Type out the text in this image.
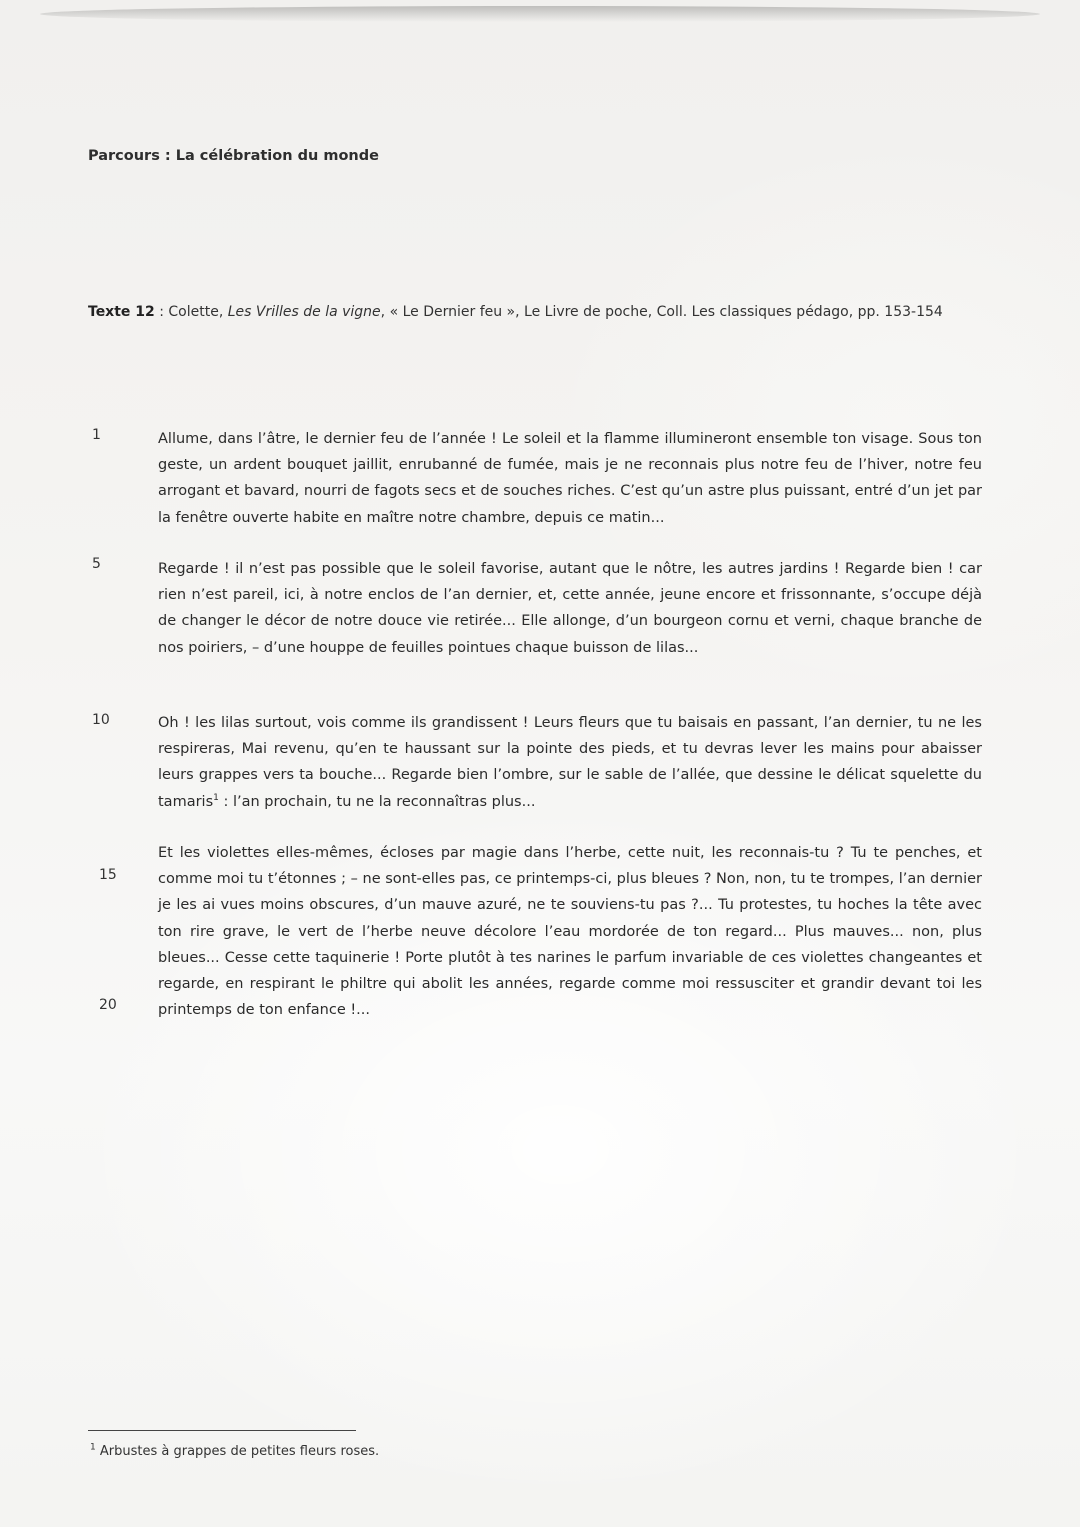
Parcours : La célébration du monde
Texte 12 : Colette, Les Vrilles de la vigne, « Le Dernier feu », Le Livre de poche, Coll. Les classiques pédago, pp. 153-154
1
5
10
15
20

Allume, dans l’âtre, le dernier feu de l’année ! Le soleil et la flamme illumineront ensemble ton visage. Sous ton geste, un ardent bouquet jaillit, enrubanné de fumée, mais je ne reconnais plus notre feu de l’hiver, notre feu arrogant et bavard, nourri de fagots secs et de souches riches. C’est qu’un astre plus puissant, entré d’un jet par la fenêtre ouverte habite en maître notre chambre, depuis ce matin...

Regarde ! il n’est pas possible que le soleil favorise, autant que le nôtre, les autres jardins ! Regarde bien ! car rien n’est pareil, ici, à notre enclos de l’an dernier, et, cette année, jeune encore et frissonnante, s’occupe déjà de changer le décor de notre douce vie retirée... Elle allonge, d’un bourgeon cornu et verni, chaque branche de nos poiriers, – d’une houppe de feuilles pointues chaque buisson de lilas...

Oh ! les lilas surtout, vois comme ils grandissent ! Leurs fleurs que tu baisais en passant, l’an dernier, tu ne les respireras, Mai revenu, qu’en te haussant sur la pointe des pieds, et tu devras lever les mains pour abaisser leurs grappes vers ta bouche... Regarde bien l’ombre, sur le sable de l’allée, que dessine le délicat squelette du tamaris$^1$ : l’an prochain, tu ne la reconnaîtras plus...

Et les violettes elles-mêmes, écloses par magie dans l’herbe, cette nuit, les reconnais-tu ? Tu te penches, et comme moi tu t’étonnes ; – ne sont-elles pas, ce printemps-ci, plus bleues ? Non, non, tu te trompes, l’an dernier je les ai vues moins obscures, d’un mauve azuré, ne te souviens-tu pas ?... Tu protestes, tu hoches la tête avec ton rire grave, le vert de l’herbe neuve décolore l’eau mordorée de ton regard... Plus mauves... non, plus bleues... Cesse cette taquinerie ! Porte plutôt à tes narines le parfum invariable de ces violettes changeantes et regarde, en respirant le philtre qui abolit les années, regarde comme moi ressusciter et grandir devant toi les printemps de ton enfance !...

$^1$ Arbustes à grappes de petites fleurs roses.
